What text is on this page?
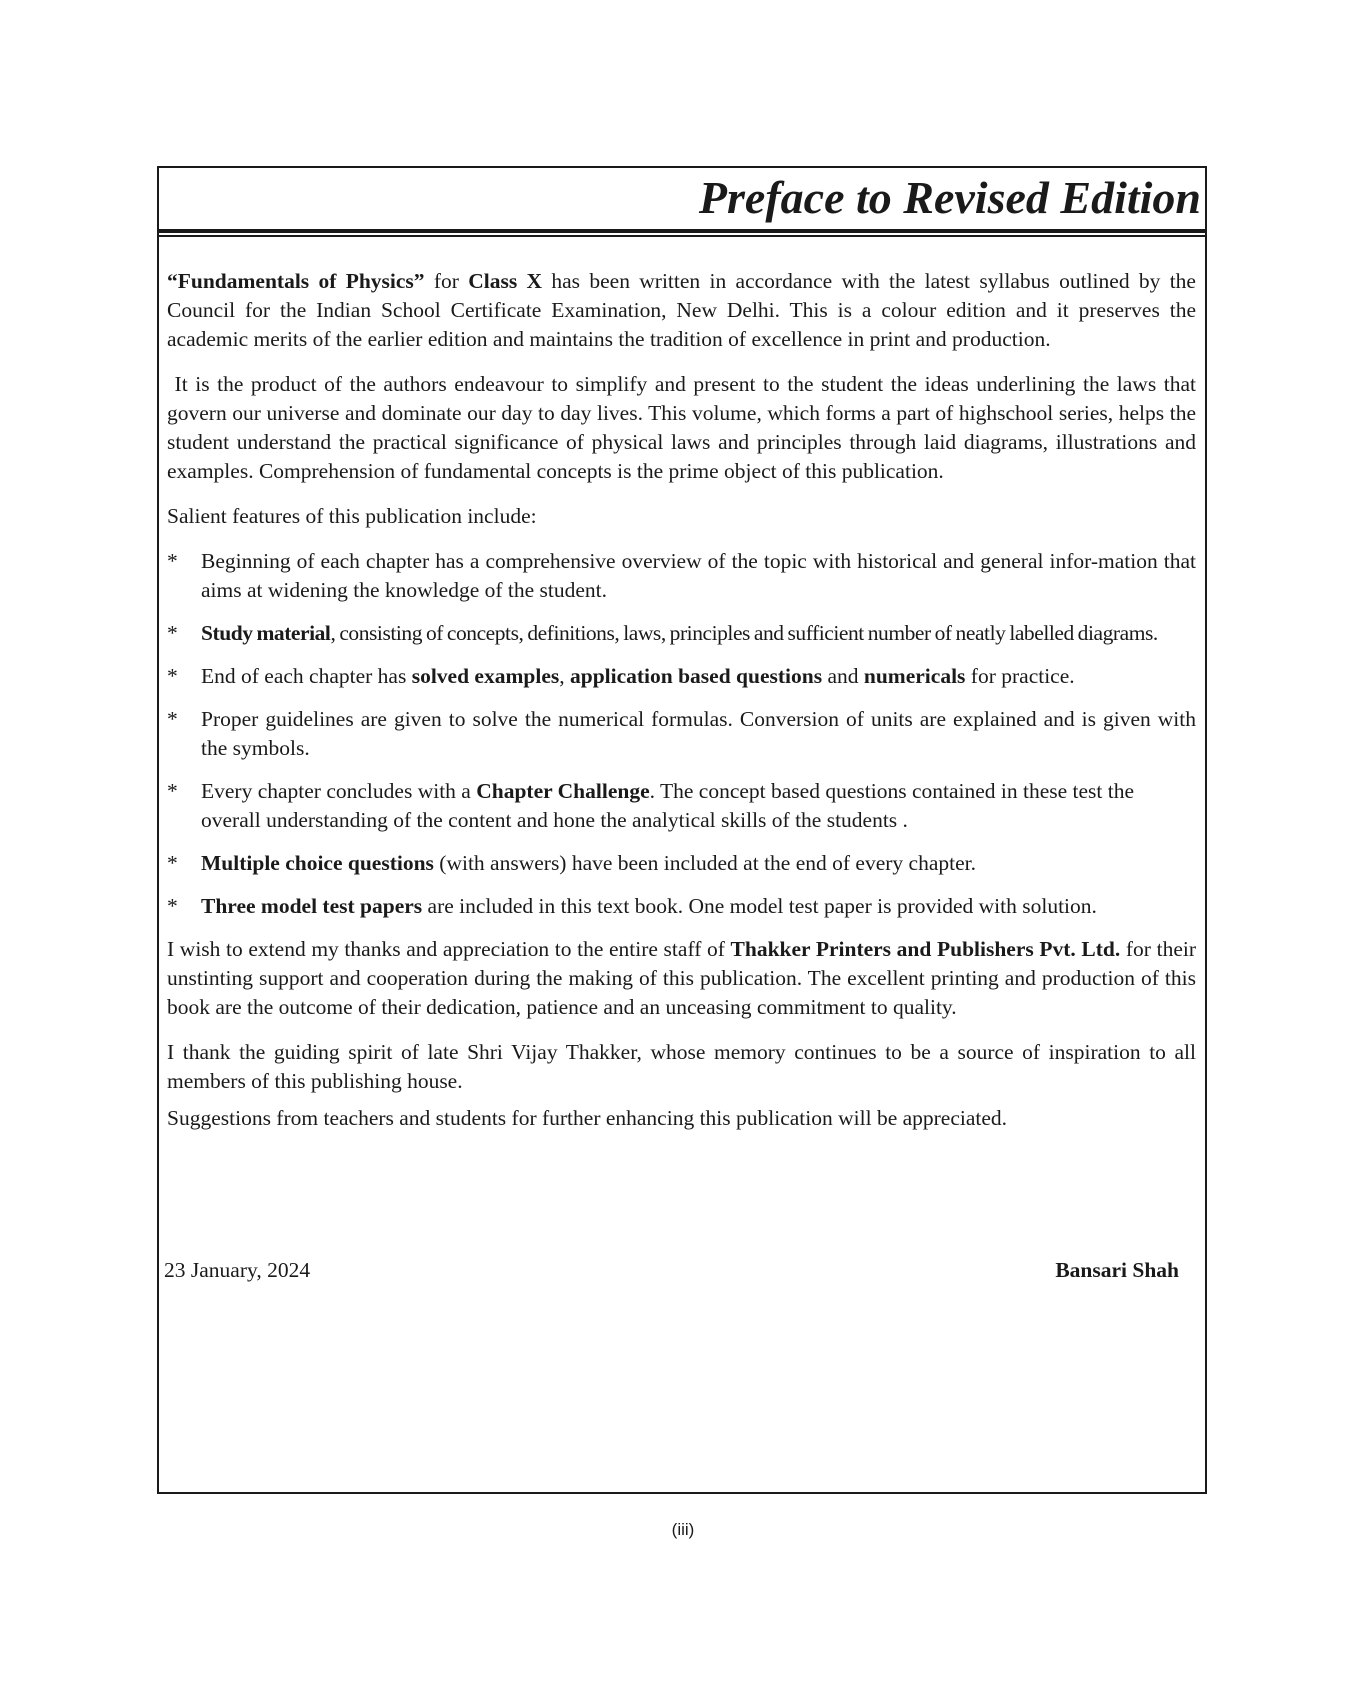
Preface to Revised Edition

“Fundamentals of Physics” for Class X has been written in accordance with the latest syllabus outlined by the Council for the Indian School Certificate Examination, New Delhi. This is a colour edition and it preserves the academic merits of the earlier edition and maintains the tradition of excellence in print and production.

It is the product of the authors endeavour to simplify and present to the student the ideas underlining the laws that govern our universe and dominate our day to day lives. This volume, which forms a part of highschool series, helps the student understand the practical significance of physical laws and principles through laid diagrams, illustrations and examples. Comprehension of fundamental concepts is the prime object of this publication.

Salient features of this publication include:

* Beginning of each chapter has a comprehensive overview of the topic with historical and general infor-mation that aims at widening the knowledge of the student.
* Study material, consisting of concepts, definitions, laws, principles and sufficient number of neatly labelled diagrams.
* End of each chapter has solved examples, application based questions and numericals for practice.
* Proper guidelines are given to solve the numerical formulas. Conversion of units are explained and is given with the symbols.
* Every chapter concludes with a Chapter Challenge. The concept based questions contained in these test the overall understanding of the content and hone the analytical skills of the students .
* Multiple choice questions (with answers) have been included at the end of every chapter.
* Three model test papers are included in this text book. One model test paper is provided with solution.

I wish to extend my thanks and appreciation to the entire staff of Thakker Printers and Publishers Pvt. Ltd. for their unstinting support and cooperation during the making of this publication. The excellent printing and production of this book are the outcome of their dedication, patience and an unceasing commitment to quality.

I thank the guiding spirit of late Shri Vijay Thakker, whose memory continues to be a source of inspiration to all members of this publishing house.

Suggestions from teachers and students for further enhancing this publication will be appreciated.

23 January, 2024	Bansari Shah
(iii)
